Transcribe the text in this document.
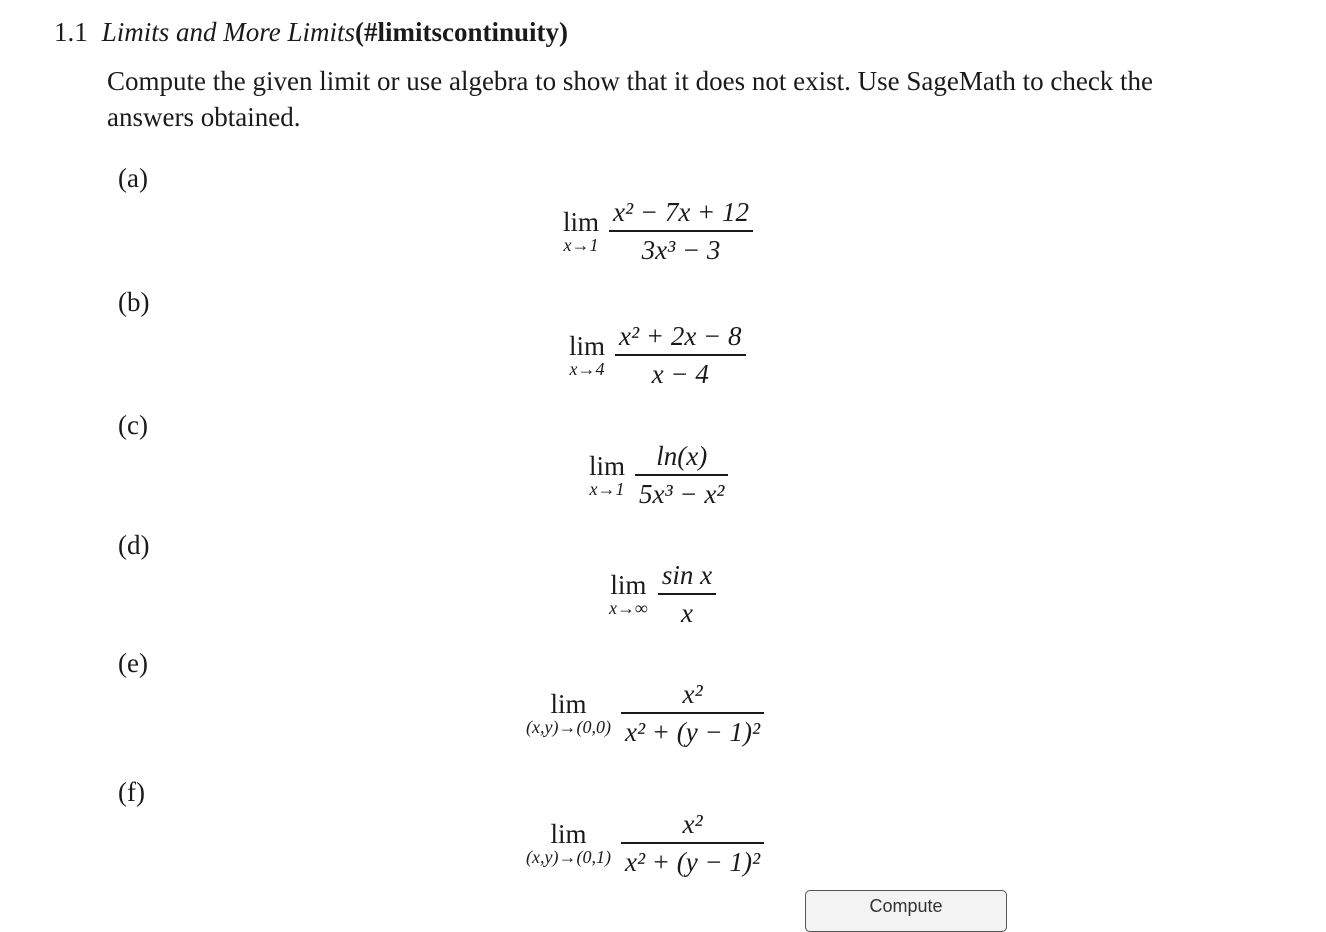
1.1 Limits and More Limits(#limitscontinuity)
Compute the given limit or use algebra to show that it does not exist. Use SageMath to check the answers obtained.
(a)
lim
$x\to 1 \frac{\text{x² − 7x + 12}}{\text{3x³ − 3}}$
(b)
lim
$x\to 4 \frac{\text{x² + 2x − 8}}{x - 4}$
(c)
lim
$x\to 1 \frac{\ln(x)}{\text{5x³ − x²}}$
(d)
lim
$x\to\infty \frac{\text{sin x}}{x}$
(e)
lim
$(x,y)\to(0,0) \frac{\text{x²}}{\text{x² + (y − 1)²}}$
(f)
lim
$(x,y)\to(0,1) \frac{\text{x²}}{\text{x² + (y − 1)²}}$
Compute
